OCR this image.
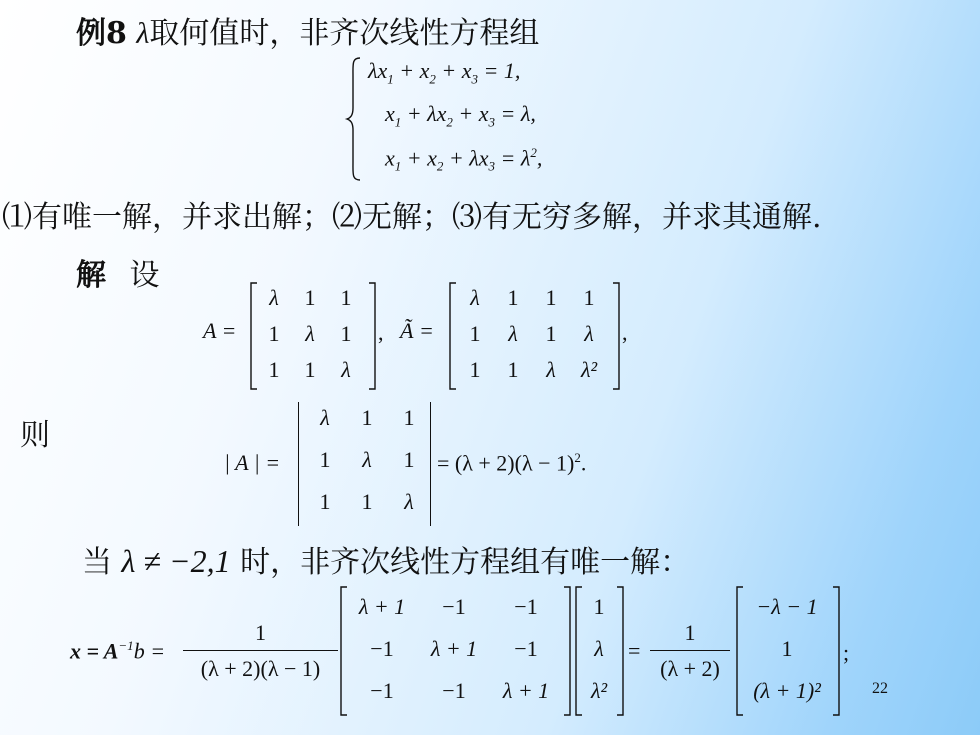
例8 λ取何值时，非齐次线性方程组
$\lambda x_1 + x_2 + x_3 = 1$,
$x_1 + \lambda x_2 + x_3 = \lambda$,
$x_1 + x_2 + \lambda x_3 = \lambda^2$,
⑴有唯一解，并求出解；⑵无解；⑶有无穷多解，并求其通解.
解 设
A =
λ	1	1
1	λ	1
1	1	λ
, Ã =
λ	1	1	1
1	λ	1	λ
1	1	λ	λ²
,
则
| A | =
λ	1	1
1	λ	1
1	1	λ
= $(\lambda + 2)(\lambda - 1)^2$.
当 λ ≠ −2,1 时，非齐次线性方程组有唯一解：
$x = A^{-1}b$ =
1
(λ + 2)(λ − 1)
λ + 1	−1	−1
−1	λ + 1	−1
−1	−1	λ + 1
1
λ
λ²
=
1
(λ + 2)
−λ − 1
1
(λ + 1)²
;
22
